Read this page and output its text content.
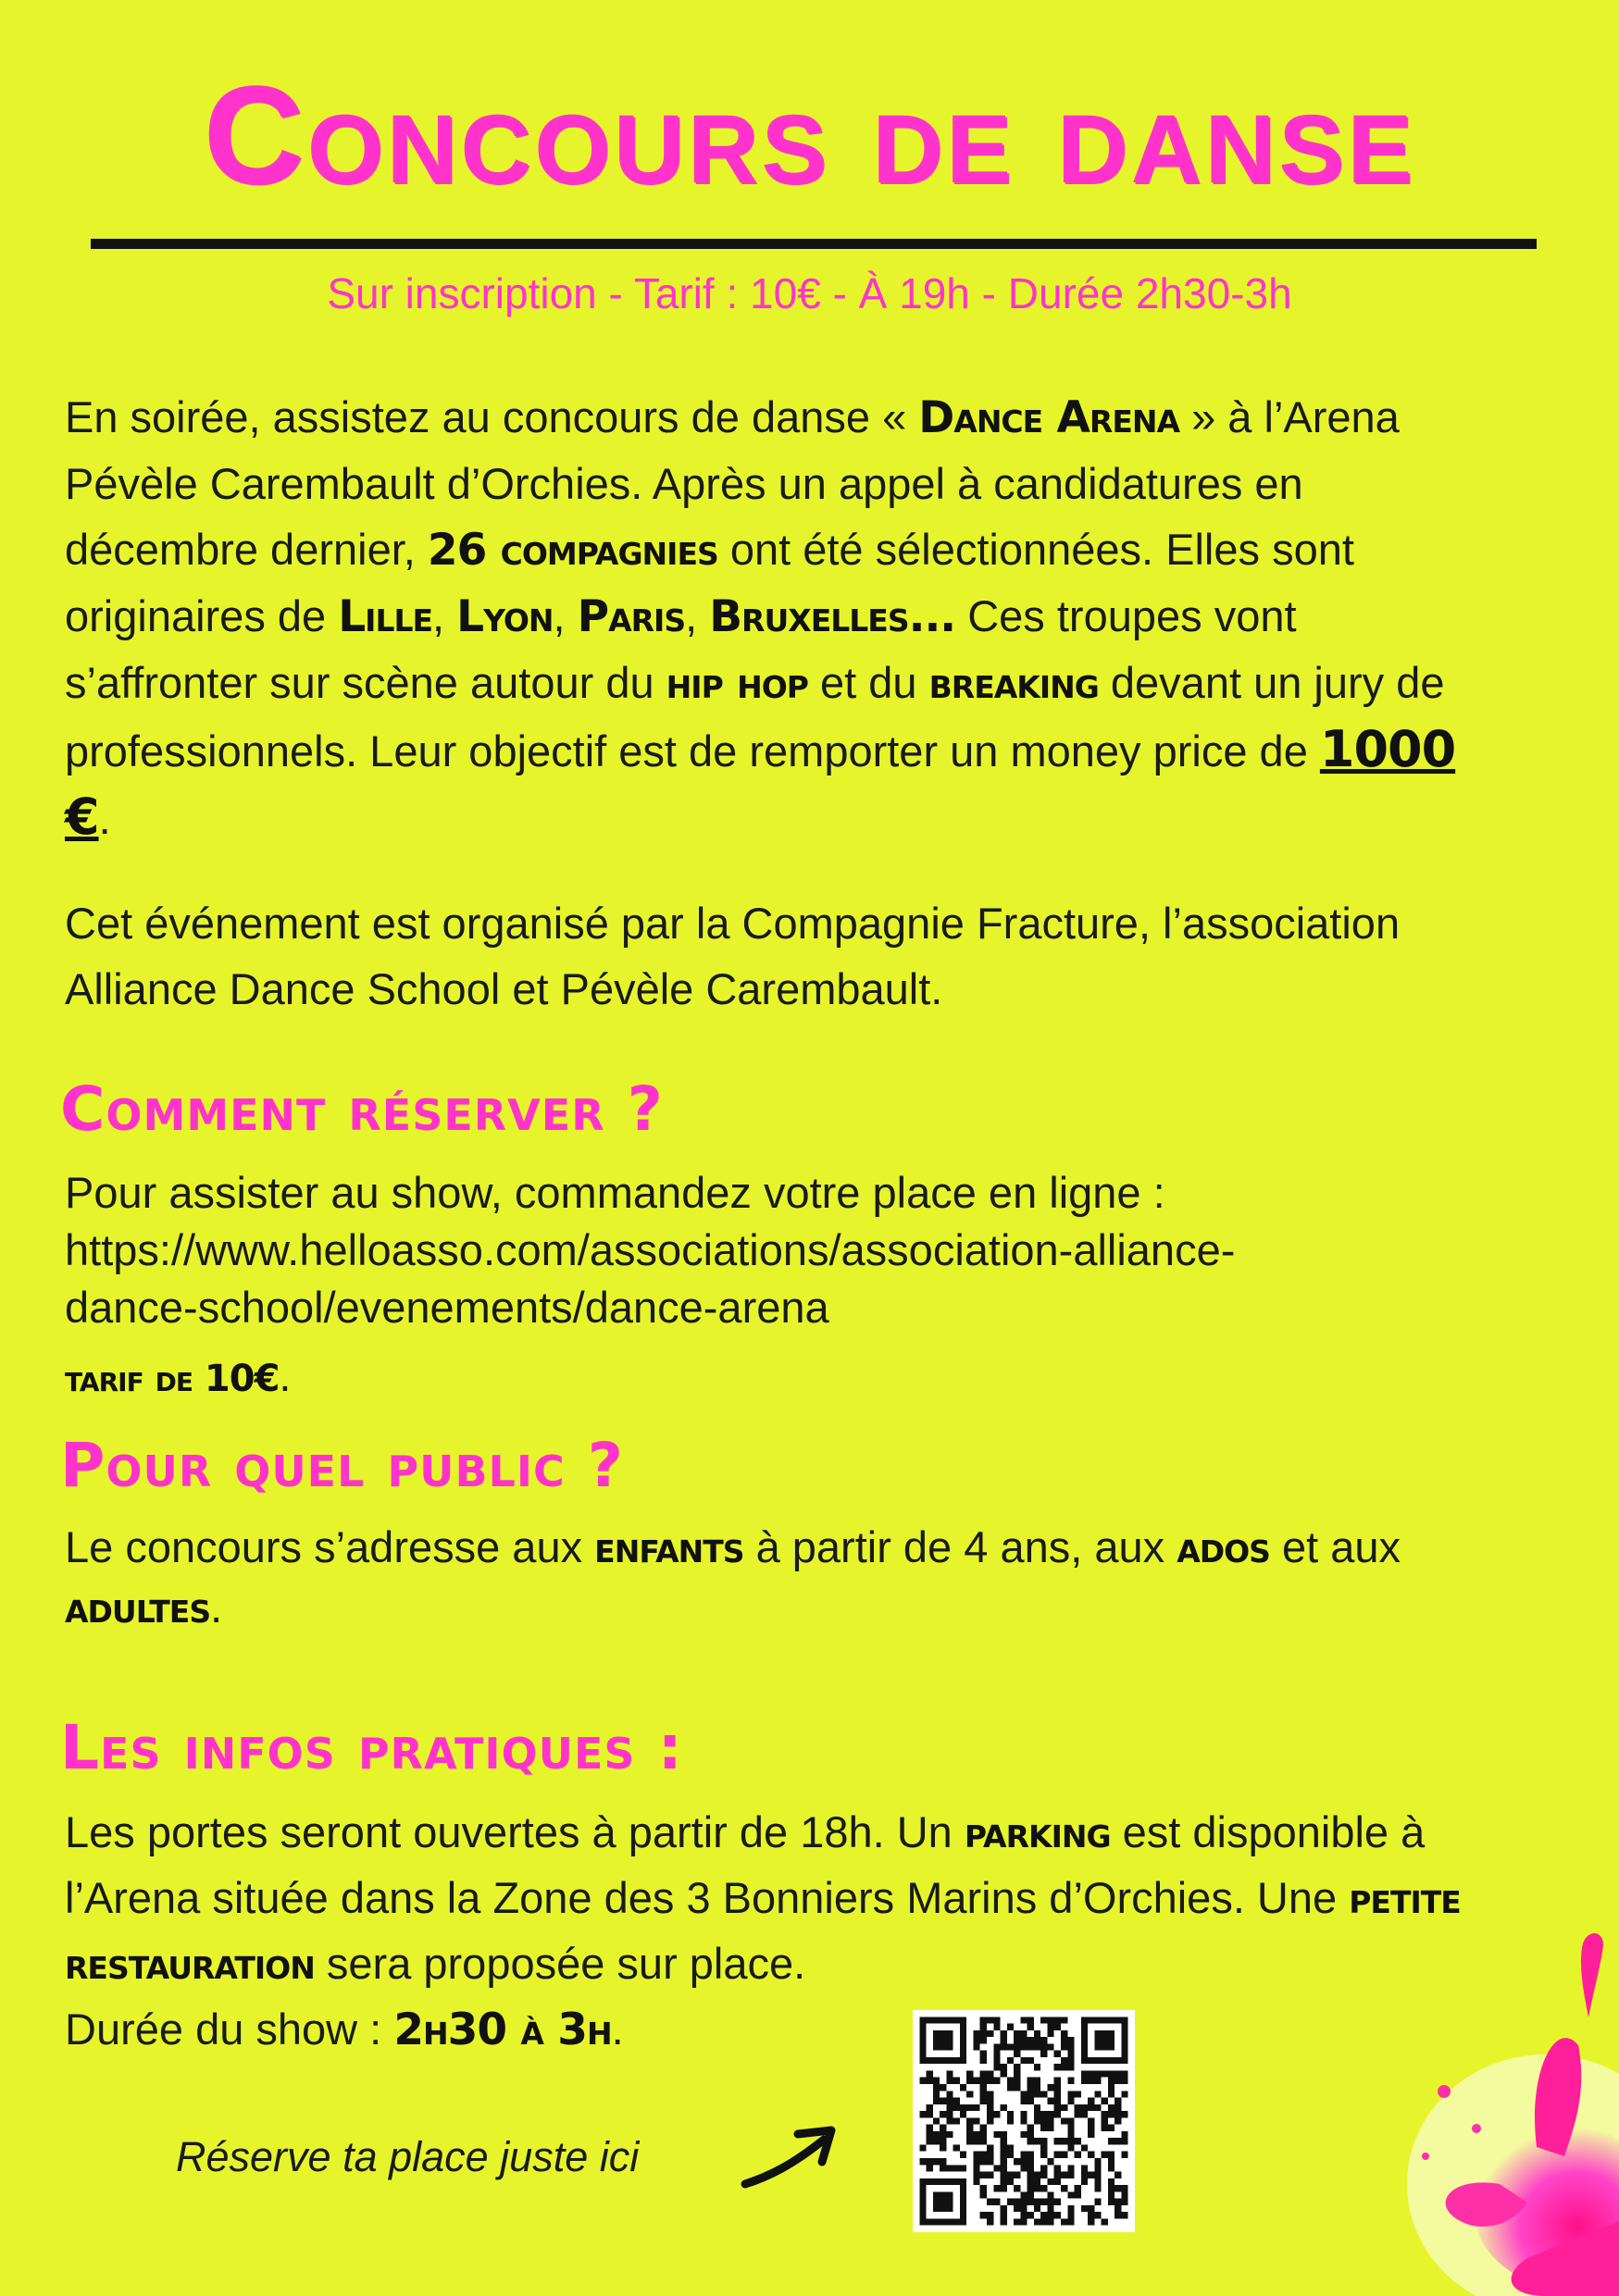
Concours de danse
Sur inscription - Tarif : 10€ - À 19h - Durée 2h30-3h
En soirée, assistez au concours de danse « Dance Arena » à l’Arena Pévèle Carembault d’Orchies. Après un appel à candidatures en décembre dernier, 26 compagnies ont été sélectionnées. Elles sont originaires de Lille, Lyon, Paris, Bruxelles... Ces troupes vont s’affronter sur scène autour du hip hop et du breaking devant un jury de professionnels. Leur objectif est de remporter un money price de 1000 €.
Cet événement est organisé par la Compagnie Fracture, l’association Alliance Dance School et Pévèle Carembault.
Comment réserver ?
Pour assister au show, commandez votre place en ligne :
https://www.helloasso.com/associations/association-alliance-
dance-school/evenements/dance-arena
tarif de 10€.
Pour quel public ?
Le concours s’adresse aux enfants à partir de 4 ans, aux ados et aux adultes.
Les infos pratiques :
Les portes seront ouvertes à partir de 18h. Un parking est disponible à l’Arena située dans la Zone des 3 Bonniers Marins d’Orchies. Une petite restauration sera proposée sur place.
Durée du show : 2h30 à 3h.
Réserve ta place juste ici
